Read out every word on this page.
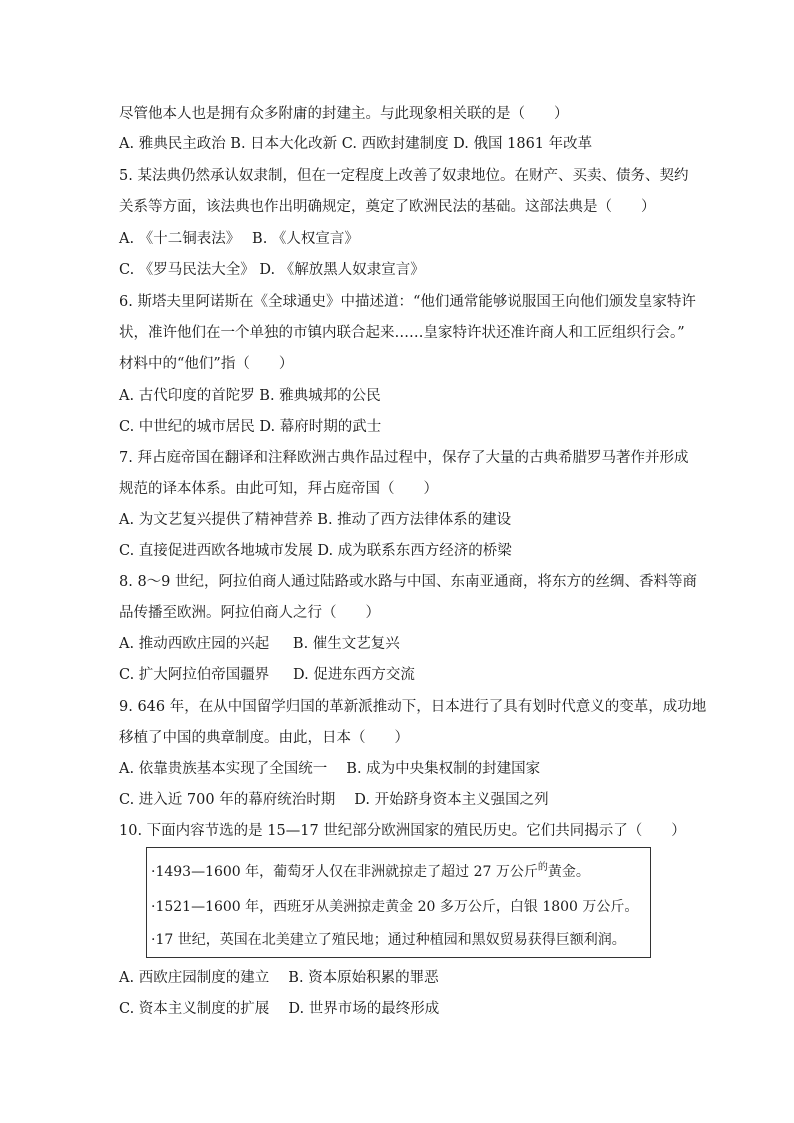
尽管他本人也是拥有众多附庸的封建主。与此现象相关联的是（　　）
A. 雅典民主政治 B. 日本大化改新 C. 西欧封建制度 D. 俄国 1861 年改革
5. 某法典仍然承认奴隶制，但在一定程度上改善了奴隶地位。在财产、买卖、债务、契约
关系等方面，该法典也作出明确规定，奠定了欧洲民法的基础。这部法典是（　　）
A. 《十二铜表法》　 B. 《人权宣言》
C. 《罗马民法大全》 D. 《解放黑人奴隶宣言》
6. 斯塔夫里阿诺斯在《全球通史》中描述道：“他们通常能够说服国王向他们颁发皇家特许
状，准许他们在一个单独的市镇内联合起来……皇家特许状还准许商人和工匠组织行会。”
材料中的“他们”指（　　）
A. 古代印度的首陀罗 B. 雅典城邦的公民
C. 中世纪的城市居民 D. 幕府时期的武士
7. 拜占庭帝国在翻译和注释欧洲古典作品过程中，保存了大量的古典希腊罗马著作并形成
规范的译本体系。由此可知，拜占庭帝国（　　）
A. 为文艺复兴提供了精神营养 B. 推动了西方法律体系的建设
C. 直接促进西欧各地城市发展 D. 成为联系东西方经济的桥梁
8. 8～9 世纪，阿拉伯商人通过陆路或水路与中国、东南亚通商，将东方的丝绸、香料等商
品传播至欧洲。阿拉伯商人之行（　　）
A. 推动西欧庄园的兴起 　 B. 催生文艺复兴
C. 扩大阿拉伯帝国疆界 　 D. 促进东西方交流
9. 646 年，在从中国留学归国的革新派推动下，日本进行了具有划时代意义的变革，成功地
移植了中国的典章制度。由此，日本（　　）
A. 依靠贵族基本实现了全国统一　 B. 成为中央集权制的封建国家
C. 进入近 700 年的幕府统治时期　 D. 开始跻身资本主义强国之列
10. 下面内容节选的是 15—17 世纪部分欧洲国家的殖民历史。它们共同揭示了（　　）
·1493—1600 年，葡萄牙人仅在非洲就掠走了超过 27 万公斤$^的$黄金。
·1521—1600 年，西班牙从美洲掠走黄金 20 多万公斤，白银 1800 万公斤。
·17 世纪，英国在北美建立了殖民地；通过种植园和黑奴贸易获得巨额利润。
A. 西欧庄园制度的建立　 B. 资本原始积累的罪恶
C. 资本主义制度的扩展　 D. 世界市场的最终形成
